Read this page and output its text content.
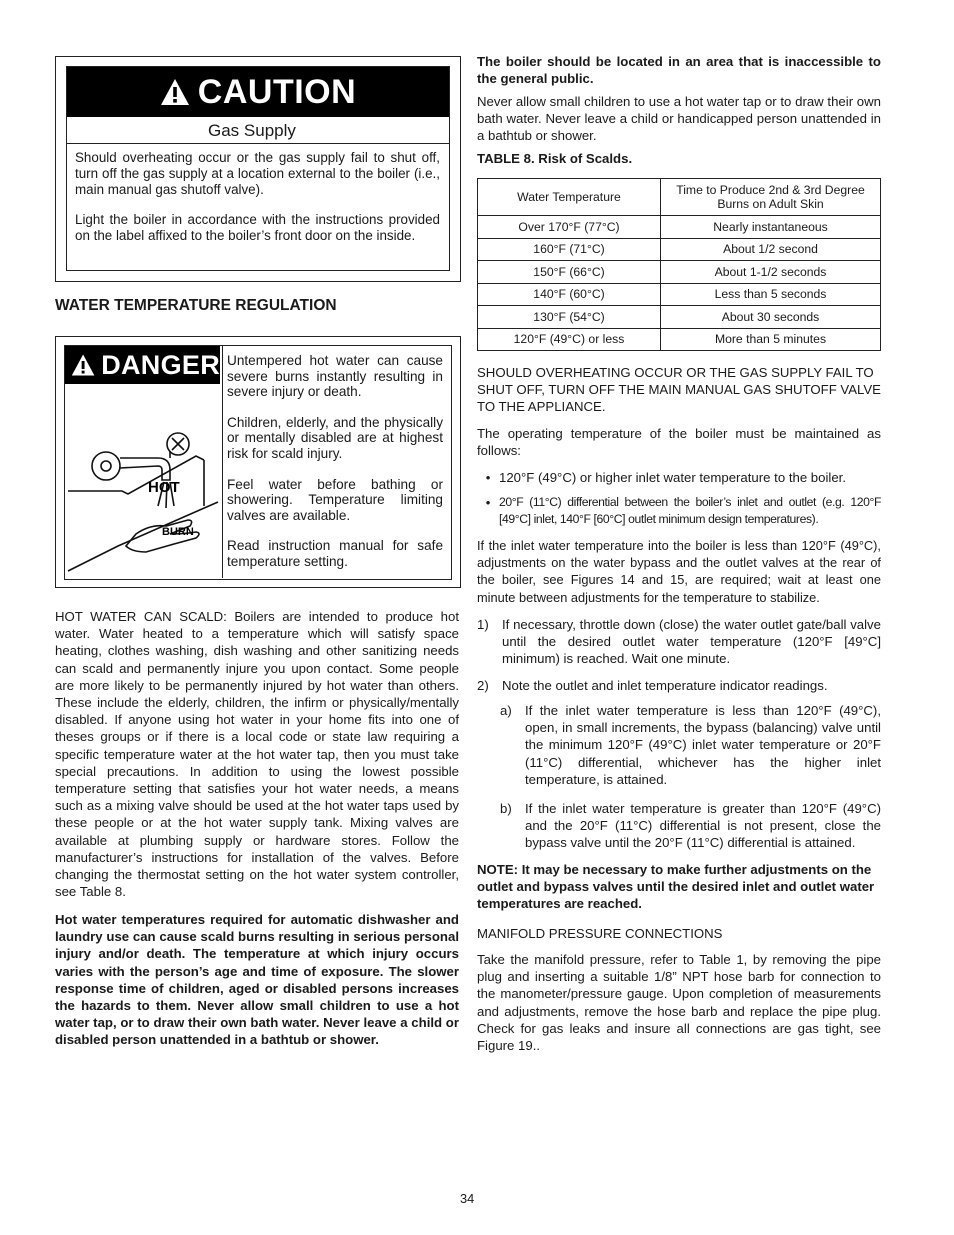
CAUTION
Gas Supply

Should overheating occur or the gas supply fail to shut off, turn off the gas supply at a location external to the boiler (i.e., main manual gas shutoff valve).

Light the boiler in accordance with the instructions provided on the label affixed to the boiler’s front door on the inside.

WATER TEMPERATURE REGULATION
DANGER
HOT
BURN

Untempered hot water can cause severe burns instantly resulting in severe injury or death.

Children, elderly, and the physically or mentally disabled are at highest risk for scald injury.

Feel water before bathing or showering. Temperature limiting valves are available.

Read instruction manual for safe temperature setting.

HOT WATER CAN SCALD: Boilers are intended to produce hot water. Water heated to a temperature which will satisfy space heating, clothes washing, dish washing and other sanitizing needs can scald and permanently injure you upon contact. Some people are more likely to be permanently injured by hot water than others. These include the elderly, children, the infirm or physically/mentally disabled. If anyone using hot water in your home fits into one of theses groups or if there is a local code or state law requiring a specific temperature water at the hot water tap, then you must take special precautions. In addition to using the lowest possible temperature setting that satisfies your hot water needs, a means such as a mixing valve should be used at the hot water taps used by these people or at the hot water supply tank. Mixing valves are available at plumbing supply or hardware stores. Follow the manufacturer’s instructions for installation of the valves. Before changing the thermostat setting on the hot water system controller, see Table 8.

Hot water temperatures required for automatic dishwasher and laundry use can cause scald burns resulting in serious personal injury and/or death. The temperature at which injury occurs varies with the person’s age and time of exposure. The slower response time of children, aged or disabled persons increases the hazards to them. Never allow small children to use a hot water tap, or to draw their own bath water. Never leave a child or disabled person unattended in a bathtub or shower.

The boiler should be located in an area that is inaccessible to the general public.

Never allow small children to use a hot water tap or to draw their own bath water. Never leave a child or handicapped person unattended in a bathtub or shower.

TABLE 8. Risk of Scalds.
Water Temperature	Time to Produce 2nd & 3rd Degree Burns on Adult Skin
Over 170°F (77°C)	Nearly instantaneous
160°F (71°C)	About 1/2 second
150°F (66°C)	About 1-1/2 seconds
140°F (60°C)	Less than 5 seconds
130°F (54°C)	About 30 seconds
120°F (49°C) or less	More than 5 minutes

SHOULD OVERHEATING OCCUR OR THE GAS SUPPLY FAIL TO SHUT OFF, TURN OFF THE MAIN MANUAL GAS SHUTOFF VALVE TO THE APPLIANCE.

The operating temperature of the boiler must be maintained as follows:

• 120°F (49°C) or higher inlet water temperature to the boiler.
• 20°F (11°C) differential between the boiler’s inlet and outlet (e.g. 120°F [49°C] inlet, 140°F [60°C] outlet minimum design temperatures).

If the inlet water temperature into the boiler is less than 120°F (49°C), adjustments on the water bypass and the outlet valves at the rear of the boiler, see Figures 14 and 15, are required; wait at least one minute between adjustments for the temperature to stabilize.

1)	If necessary, throttle down (close) the water outlet gate/ball valve until the desired outlet water temperature (120°F [49°C] minimum) is reached. Wait one minute.
2)	Note the outlet and inlet temperature indicator readings.
a)	If the inlet water temperature is less than 120°F (49°C), open, in small increments, the bypass (balancing) valve until the minimum 120°F (49°C) inlet water temperature or 20°F (11°C) differential, whichever has the higher inlet temperature, is attained.
b)	If the inlet water temperature is greater than 120°F (49°C) and the 20°F (11°C) differential is not present, close the bypass valve until the 20°F (11°C) differential is attained.

NOTE: It may be necessary to make further adjustments on the outlet and bypass valves until the desired inlet and outlet water temperatures are reached.

MANIFOLD PRESSURE CONNECTIONS

Take the manifold pressure, refer to Table 1, by removing the pipe plug and inserting a suitable 1/8” NPT hose barb for connection to the manometer/pressure gauge. Upon completion of measurements and adjustments, remove the hose barb and replace the pipe plug. Check for gas leaks and insure all connections are gas tight, see Figure 19..

34
